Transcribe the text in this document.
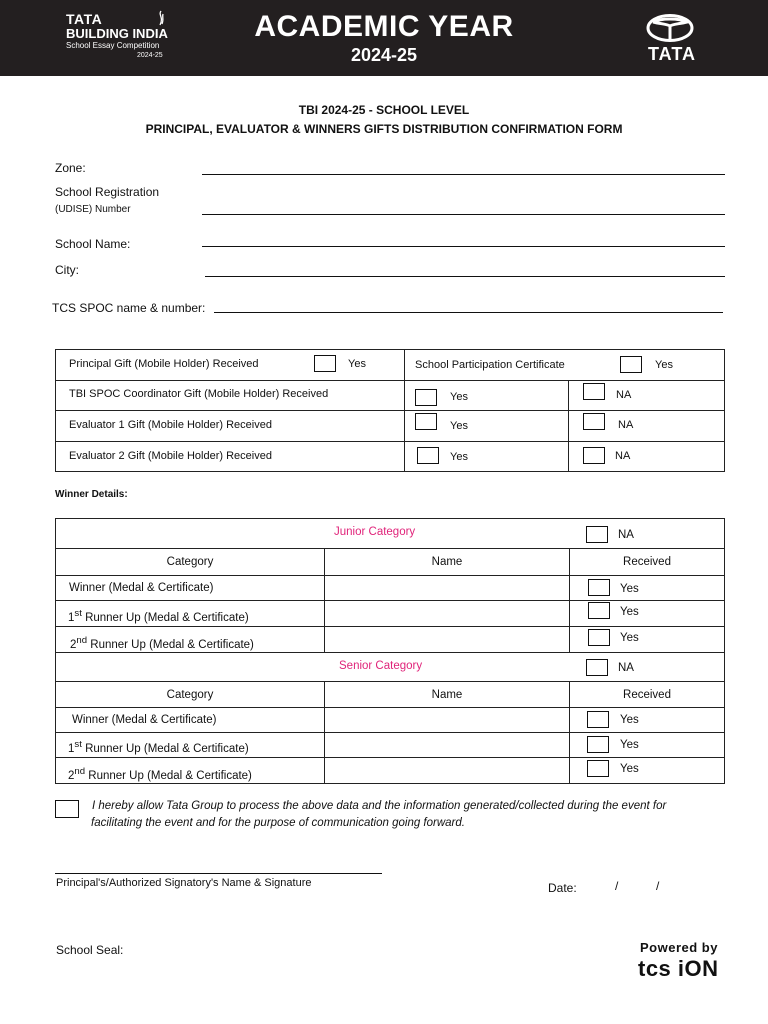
TATA
BUILDING INDIA
School Essay Competition
2024-25
ACADEMIC YEAR
2024-25	TATA
TBI 2024-25 - SCHOOL LEVEL
PRINCIPAL, EVALUATOR & WINNERS GIFTS DISTRIBUTION CONFIRMATION FORM
Zone:
School Registration
(UDISE) Number
School Name:
City:
TCS SPOC name & number:
Principal Gift (Mobile Holder) Received Yes	School Participation Certificate Yes	

TBI SPOC Coordinator Gift (Mobile Holder) Received	Yes	NA

Evaluator 1 Gift (Mobile Holder) Received	Yes	NA

Evaluator 2 Gift (Mobile Holder) Received	Yes	NA
Winner Details:
Junior Category NA		

Category	Name	Received

Winner (Medal & Certificate)		Yes

1st Runner Up (Medal & Certificate)		Yes

2nd Runner Up (Medal & Certificate)		Yes

Senior Category NA		

Category	Name	Received

Winner (Medal & Certificate)		Yes

1st Runner Up (Medal & Certificate)		Yes

2nd Runner Up (Medal & Certificate)		Yes
I hereby allow Tata Group to process the above data and the information generated/collected during the event for
facilitating the event and for the purpose of communication going forward.
Principal's/Authorized Signatory's Name & Signature	Date:	/	/
School Seal:	Powered by
tcs iON
